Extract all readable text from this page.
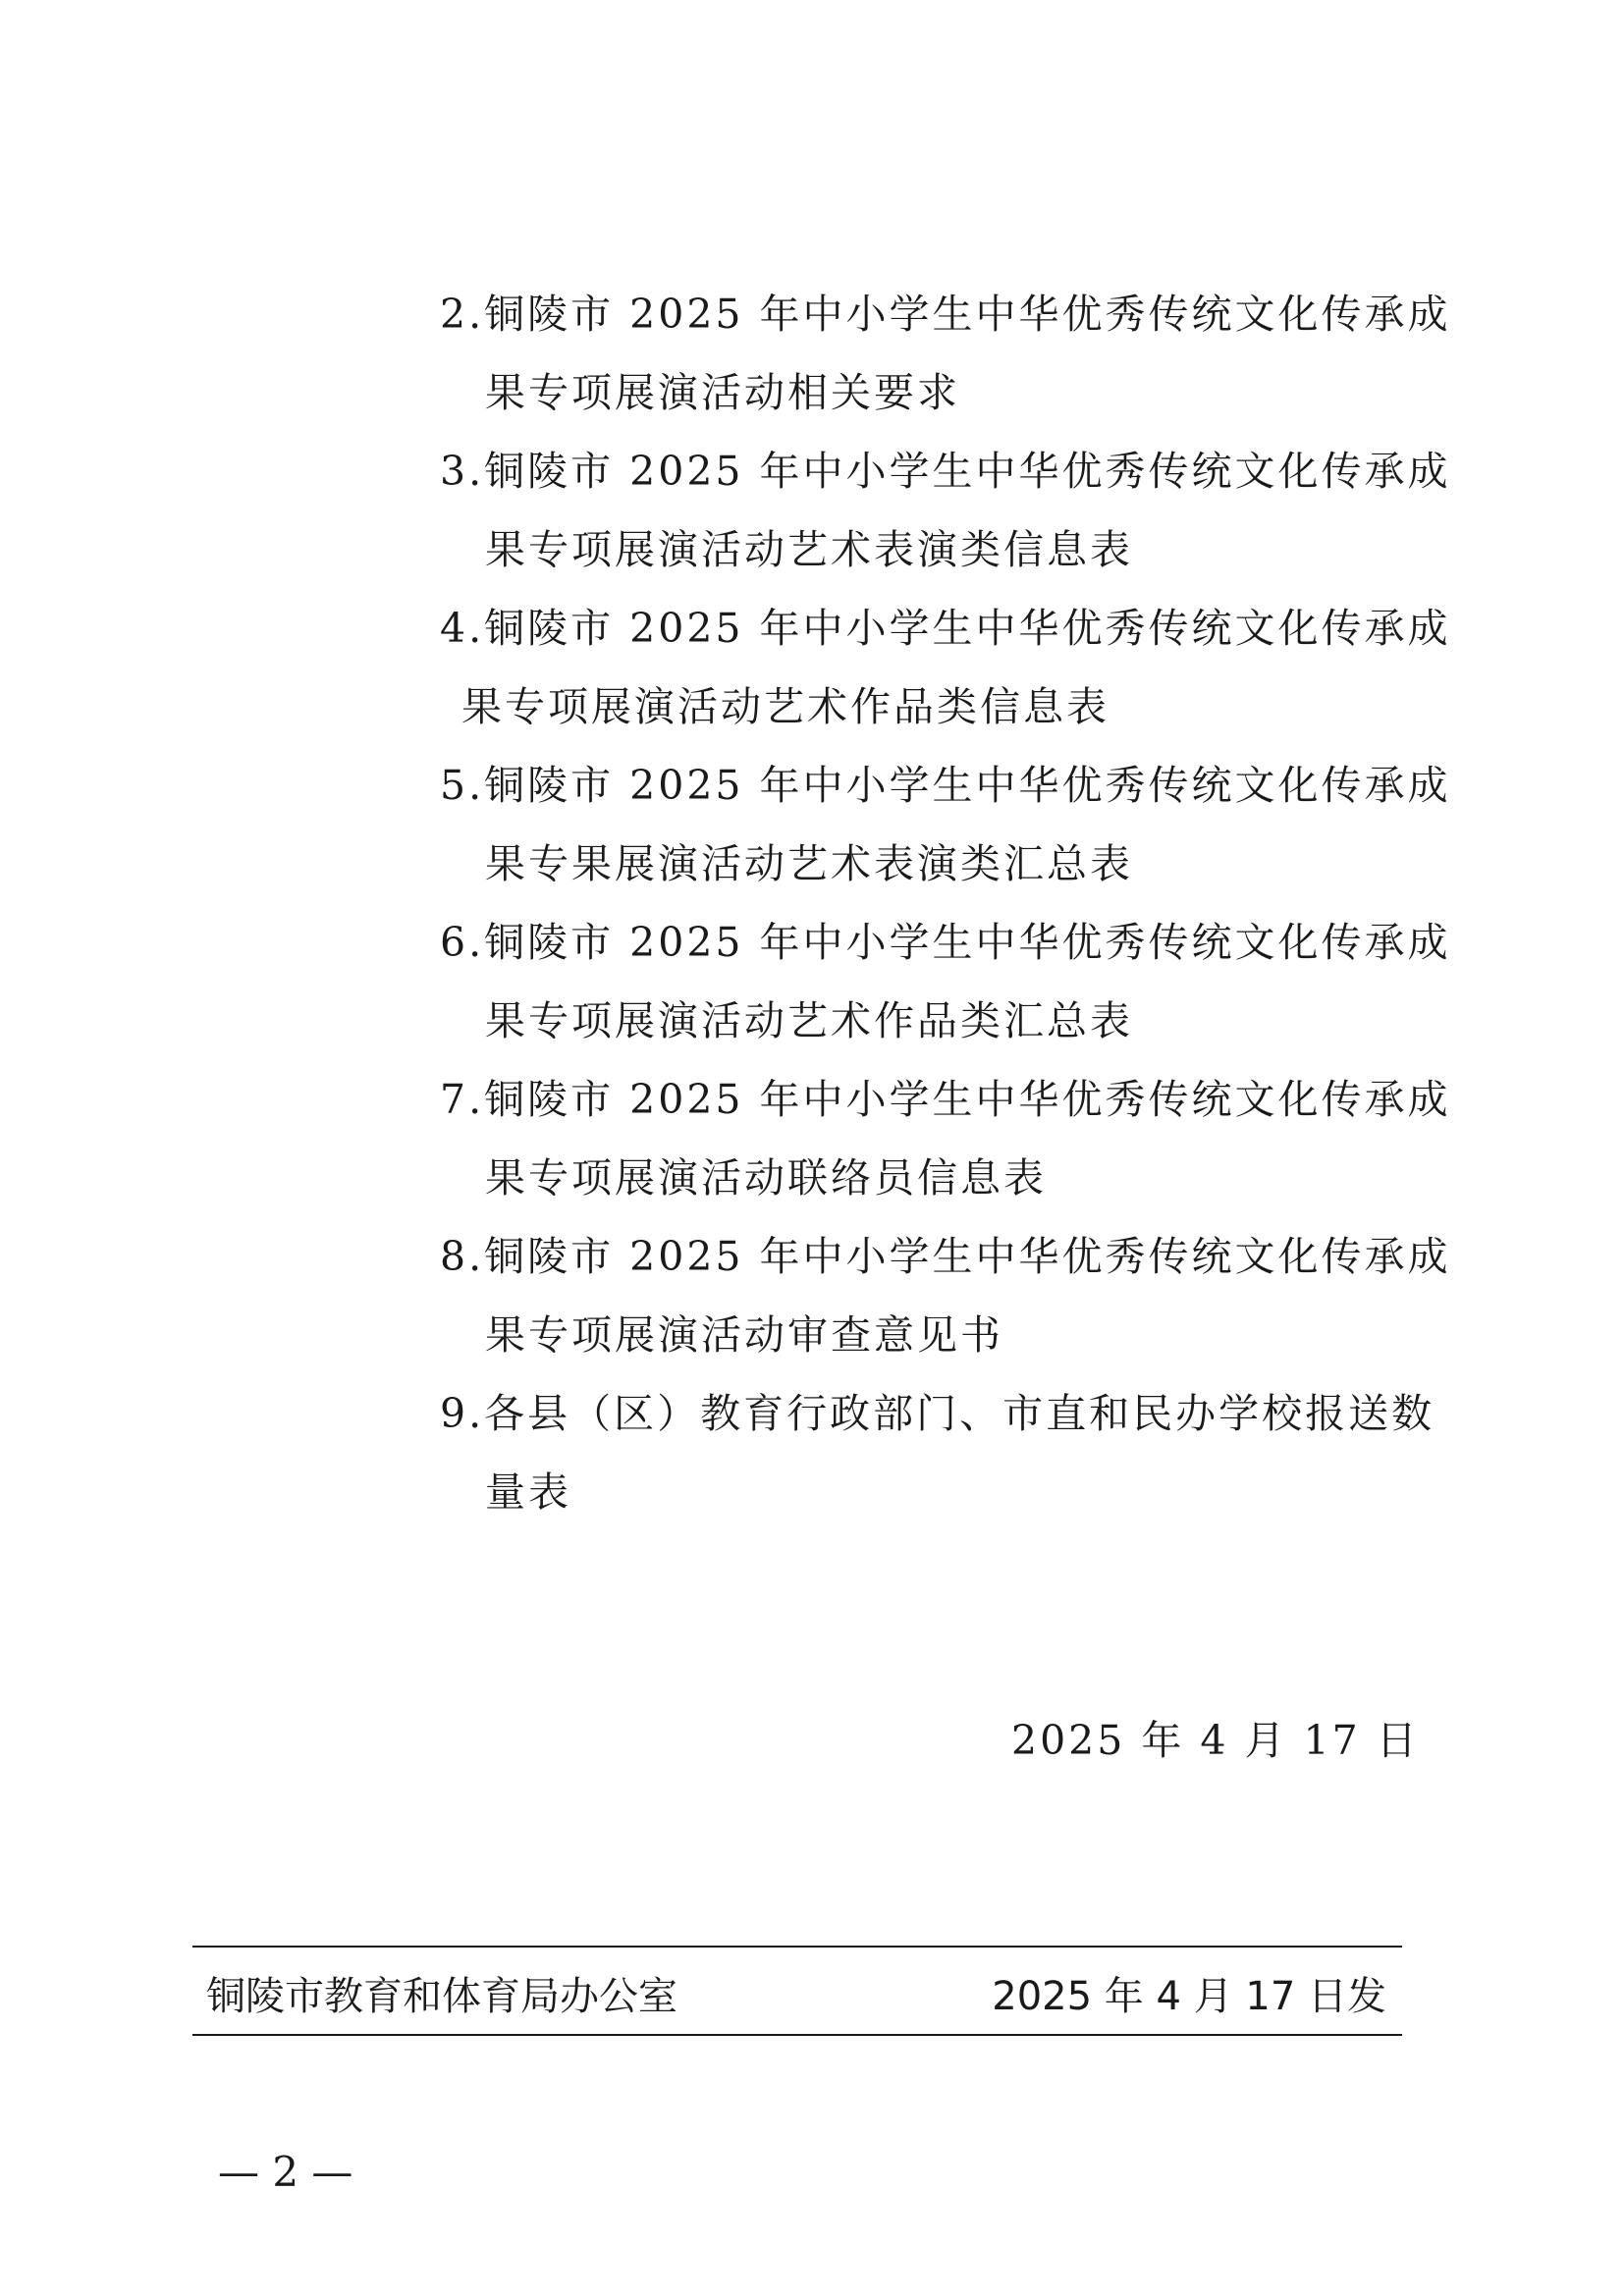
2.铜陵市 2025 年中小学生中华优秀传统文化传承成
果专项展演活动相关要求

3.铜陵市 2025 年中小学生中华优秀传统文化传承成
果专项展演活动艺术表演类信息表

4.铜陵市 2025 年中小学生中华优秀传统文化传承成
果专项展演活动艺术作品类信息表

5.铜陵市 2025 年中小学生中华优秀传统文化传承成
果专果展演活动艺术表演类汇总表

6.铜陵市 2025 年中小学生中华优秀传统文化传承成
果专项展演活动艺术作品类汇总表

7.铜陵市 2025 年中小学生中华优秀传统文化传承成
果专项展演活动联络员信息表

8.铜陵市 2025 年中小学生中华优秀传统文化传承成
果专项展演活动审查意见书

9.各县（区）教育行政部门、市直和民办学校报送数
量表

2025 年 4 月 17 日
铜陵市教育和体育局办公室	2025 年 4 月 17 日发
— 2 —
